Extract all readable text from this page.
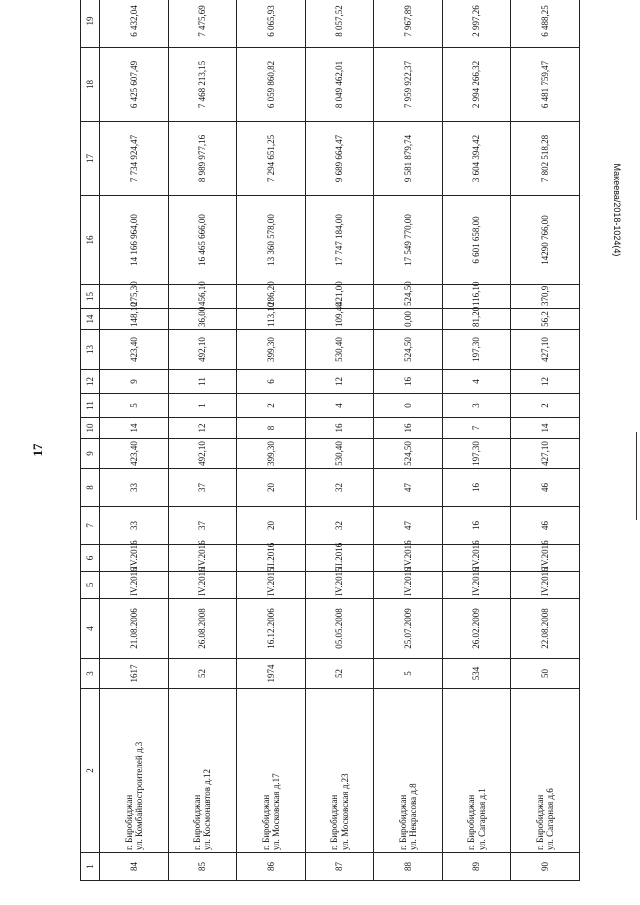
17
Макеева/2018-1024(4)
1	2	3	4	5	6	7	8	9	10	11	12	13	14	15	16	17	18	19		
84	г. Биробиджан ул. Комбайностроителей д.3	1617	21.08.2006	IV.2016	IV.2016	33	33	423,40	14	5	9	423,40	148,10	275,30	14 166 964,00	7 734 924,47	6 425 607,49	6 432,04		
85	г. Биробиджан ул. Космонавтов д.12	52	26.08.2008	IV.2016	IV.2016	37	37	492,10	12	1	11	492,10	36,00	456,10	16 465 666,00	8 989 977,16	7 468 213,15	7 475,69		
86	г. Биробиджан ул. Московская д.17	1974	16.12.2006	IV.2015	II.2016	20	20	399,30	8	2	6	399,30	113,10	286,20	13 360 578,00	7 294 651,25	6 059 860,82	6 065,93		
87	г. Биробиджан ул. Московская д.23	52	05.05.2008	IV.2015	II.2016	32	32	530,40	16	4	12	530,40	109,40	421,00	17 747 184,00	9 689 664,47	8 049 462,01	8 057,52		
88	г. Биробиджан ул. Некрасова д.8	5	25.07.2009	IV.2016	IV.2016	47	47	524,50	16	0	16	524,50	0,00	524,50	17 549 770,00	9 581 879,74	7 959 922,37	7 967,89		
89	г. Биробиджан ул. Сагарная д.1	534	26.02.2009	IV.2016	IV.2016	16	16	197,30	7	3	4	197,30	81,20	116,10	6 601 658,00	3 604 394,42	2 994 266,32	2 997,26		
90	г. Биробиджан ул. Сагарная д.6	50	22.08.2008	IV.2016	IV.2016	46	46	427,10	14	2	12	427,10	56,2	370,9	14290 766,00	7 802 518,28	6 481 759,47	6 488,25		
